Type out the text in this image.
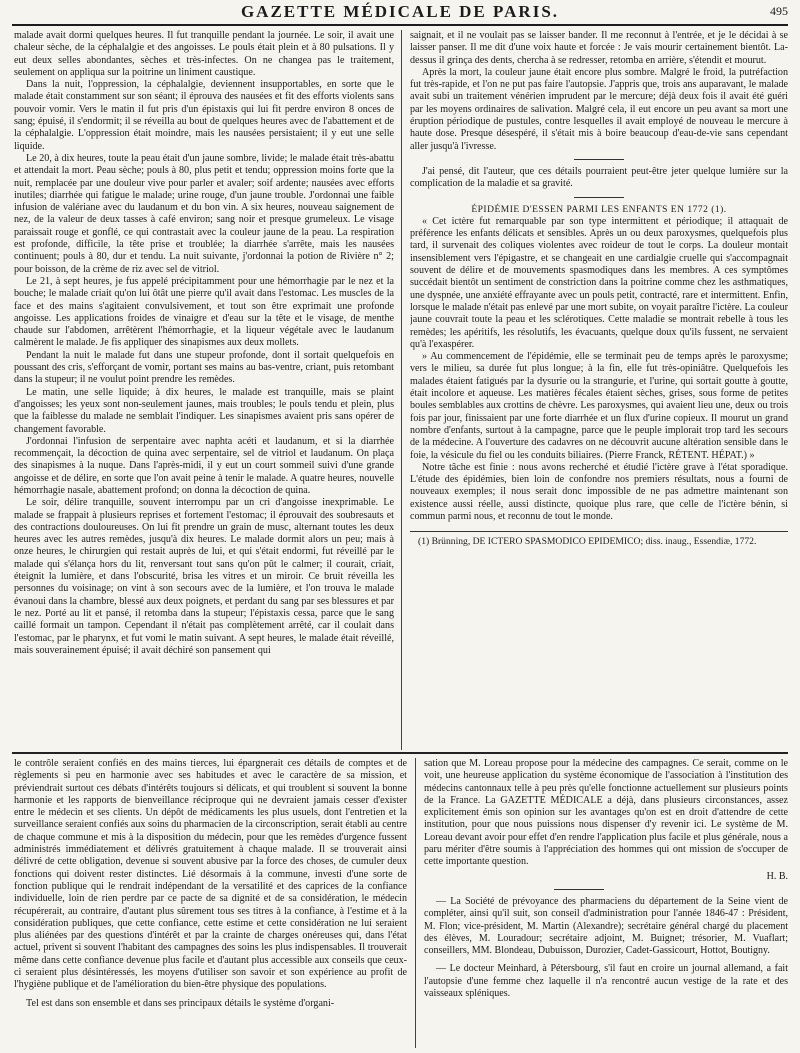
GAZETTE MÉDICALE DE PARIS.	495

malade avait dormi quelques heures. Il fut tranquille pendant la journée. Le soir, il avait une chaleur sèche, de la céphalalgie et des angoisses. Le pouls était plein et à 80 pulsations. Il y eut deux selles abondantes, sèches et très-infectes. On ne changea pas le traitement, seulement on appliqua sur la poitrine un liniment caustique.

Dans la nuit, l'oppression, la céphalalgie, deviennent insupportables, en sorte que le malade était constamment sur son séant; il éprouva des nausées et fit des efforts violents sans pouvoir vomir. Vers le matin il fut pris d'un épistaxis qui lui fit perdre environ 8 onces de sang; épuisé, il s'endormit; il se réveilla au bout de quelques heures avec de l'abattement et de la céphalalgie. L'oppression était moindre, mais les nausées persistaient; il y eut une selle liquide.

Le 20, à dix heures, toute la peau était d'un jaune sombre, livide; le malade était très-abattu et attendait la mort. Peau sèche; pouls à 80, plus petit et tendu; oppression moins forte que la nuit, remplacée par une douleur vive pour parler et avaler; soif ardente; nausées avec efforts inutiles; diarrhée qui fatigue le malade; urine rouge, d'un jaune trouble. J'ordonnai une faible infusion de valériane avec du laudanum et du bon vin. A six heures, nouveau saignement de nez, de la valeur de deux tasses à café environ; sang noir et presque grumeleux. Le visage paraissait rouge et gonflé, ce qui contrastait avec la couleur jaune de la peau. La respiration est profonde, difficile, la tête prise et troublée; la diarrhée s'arrête, mais les nausées continuent; pouls à 80, dur et tendu. La nuit suivante, j'ordonnai la potion de Rivière n° 2; pour boisson, de la crème de riz avec sel de vitriol.

Le 21, à sept heures, je fus appelé précipitamment pour une hémorrhagie par le nez et la bouche; le malade criait qu'on lui ôtât une pierre qu'il avait dans l'estomac. Les muscles de la face et des mains s'agitaient convulsivement, et tout son être exprimait une profonde angoisse. Les applications froides de vinaigre et d'eau sur la tête et le visage, de menthe chaude sur l'abdomen, arrêtèrent l'hémorrhagie, et la liqueur végétale avec le laudanum calmèrent le malade. Je fis appliquer des sinapismes aux deux mollets.

Pendant la nuit le malade fut dans une stupeur profonde, dont il sortait quelquefois en poussant des cris, s'efforçant de vomir, portant ses mains au bas-ventre, criant, puis retombant dans la stupeur; il ne voulut point prendre les remèdes.

Le matin, une selle liquide; à dix heures, le malade est tranquille, mais se plaint d'angoisses; les yeux sont non-seulement jaunes, mais troubles; le pouls tendu et plein, plus que la faiblesse du malade ne semblait l'indiquer. Les sinapismes avaient pris sans opérer de changement favorable.

J'ordonnai l'infusion de serpentaire avec naphta acéti et laudanum, et si la diarrhée recommençait, la décoction de quina avec serpentaire, sel de vitriol et laudanum. On plaça des sinapismes à la nuque. Dans l'après-midi, il y eut un court sommeil suivi d'une grande angoisse et de délire, en sorte que l'on avait peine à tenir le malade. A quatre heures, nouvelle hémorrhagie nasale, abattement profond; on donna la décoction de quina.

Le soir, délire tranquille, souvent interrompu par un cri d'angoisse inexprimable. Le malade se frappait à plusieurs reprises et fortement l'estomac; il éprouvait des soubresauts et des contractions douloureuses. On lui fit prendre un grain de musc, alternant toutes les deux heures avec les autres remèdes, jusqu'à dix heures. Le malade dormit alors un peu; mais à onze heures, le chirurgien qui restait auprès de lui, et qui s'était endormi, fut réveillé par le malade qui s'élança hors du lit, renversant tout sans qu'on pût le calmer; il courait, criait, éteignit la lumière, et dans l'obscurité, brisa les vitres et un miroir. Ce bruit réveilla les personnes du voisinage; on vint à son secours avec de la lumière, et l'on trouva le malade évanoui dans la chambre, blessé aux deux poignets, et perdant du sang par ses blessures et par le nez. Porté au lit et pansé, il retomba dans la stupeur; l'épistaxis cessa, parce que le sang caillé formait un tampon. Cependant il n'était pas complètement arrêté, car il coulait dans l'estomac, par le pharynx, et fut vomi le matin suivant. A sept heures, le malade était réveillé, mais souverainement épuisé; il avait déchiré son pansement qui

saignait, et il ne voulait pas se laisser bander. Il me reconnut à l'entrée, et je le décidai à se laisser panser. Il me dit d'une voix haute et forcée : Je vais mourir certainement bientôt. La-dessus il grinça des dents, chercha à se redresser, retomba en arrière, s'étendit et mourut.

Après la mort, la couleur jaune était encore plus sombre. Malgré le froid, la putréfaction fut très-rapide, et l'on ne put pas faire l'autopsie. J'appris que, trois ans auparavant, le malade avait subi un traitement vénérien imprudent par le mercure; déjà deux fois il avait été guéri par les moyens ordinaires de salivation. Malgré cela, il eut encore un peu avant sa mort une éruption périodique de pustules, contre lesquelles il avait employé de nouveau le mercure à haute dose. Presque désespéré, il s'était mis à boire beaucoup d'eau-de-vie sans cependant aller jusqu'à l'ivresse.

J'ai pensé, dit l'auteur, que ces détails pourraient peut-être jeter quelque lumière sur la complication de la maladie et sa gravité.

ÉPIDÉMIE D'ESSEN PARMI LES ENFANTS EN 1772 (1).

« Cet ictère fut remarquable par son type intermittent et périodique; il attaquait de préférence les enfants délicats et sensibles. Après un ou deux paroxysmes, quelquefois plus tard, il survenait des coliques violentes avec roideur de tout le corps. La douleur montait insensiblement vers l'épigastre, et se changeait en une cardialgie cruelle qui s'accompagnait souvent de délire et de mouvements spasmodiques dans les membres. A ces symptômes succédait bientôt un sentiment de constriction dans la poitrine comme chez les asthmatiques, une dyspnée, une anxiété effrayante avec un pouls petit, contracté, rare et intermittent. Enfin, lorsque le malade n'était pas enlevé par une mort subite, on voyait paraître l'ictère. La couleur jaune couvrait toute la peau et les sclérotiques. Cette maladie se montrait rebelle à tous les remèdes; les apéritifs, les résolutifs, les évacuants, quelque doux qu'ils fussent, ne servaient qu'à l'exaspérer.

» Au commencement de l'épidémie, elle se terminait peu de temps après le paroxysme; vers le milieu, sa durée fut plus longue; à la fin, elle fut très-opiniâtre. Quelquefois les malades étaient fatigués par la dysurie ou la strangurie, et l'urine, qui sortait goutte à goutte, était incolore et aqueuse. Les matières fécales étaient sèches, grises, sous forme de petites boules semblables aux crottins de chèvre. Les paroxysmes, qui avaient lieu une, deux ou trois fois par jour, finissaient par une forte diarrhée et un flux d'urine copieux. Il mourut un grand nombre d'enfants, surtout à la campagne, parce que le peuple implorait trop tard les secours de la médecine. A l'ouverture des cadavres on ne découvrit aucune altération sensible dans le foie, la vésicule du fiel ou les conduits biliaires. (Pierre Franck, RÉTENT. HÉPAT.) »

Notre tâche est finie : nous avons recherché et étudié l'ictère grave à l'état sporadique. L'étude des épidémies, bien loin de confondre nos premiers résultats, nous a fourni de nouveaux exemples; il nous serait donc impossible de ne pas admettre maintenant son existence aussi réelle, aussi distincte, quoique plus rare, que celle de l'ictère bénin, si commun parmi nous, et reconnu de tout le monde.

(1) Brünning, DE ICTERO SPASMODICO EPIDEMICO; diss. inaug., Essendiæ, 1772.

le contrôle seraient confiés en des mains tierces, lui épargnerait ces détails de comptes et de règlements si peu en harmonie avec ses habitudes et avec le caractère de sa mission, et préviendrait surtout ces débats d'intérêts toujours si délicats, et qui troublent si souvent la bonne harmonie et les rapports de bienveillance réciproque qui ne devraient jamais cesser d'exister entre le médecin et ses clients. Un dépôt de médicaments les plus usuels, dont l'entretien et la surveillance seraient confiés aux soins du pharmacien de la circonscription, serait établi au centre de chaque commune et mis à la disposition du médecin, pour que les remèdes d'urgence fussent administrés immédiatement et délivrés gratuitement à chaque malade. Il se trouverait ainsi délivré de cette obligation, devenue si souvent abusive par la force des choses, de cumuler deux fonctions qui doivent rester distinctes. Lié désormais à la commune, investi d'une sorte de fonction publique qui le rendrait indépendant de la versatilité et des caprices de la confiance individuelle, loin de rien perdre par ce pacte de sa dignité et de sa considération, le médecin récupérerait, au contraire, d'autant plus sûrement tous ses titres à la confiance, à l'estime et à la considération publiques, que cette confiance, cette estime et cette considération ne lui seraient plus aliénées par des questions d'intérêt et par la crainte de charges onéreuses qui, dans l'état actuel, privent si souvent l'habitant des campagnes des soins les plus indispensables. Il trouverait même dans cette confiance devenue plus facile et d'autant plus accessible aux conseils que ceux-ci seraient plus désintéressés, les moyens d'utiliser son savoir et son expérience au profit de l'hygiène publique et de l'amélioration du bien-être physique des populations.

Tel est dans son ensemble et dans ses principaux détails le système d'organi-

sation que M. Loreau propose pour la médecine des campagnes. Ce serait, comme on le voit, une heureuse application du système économique de l'association à l'institution des médecins cantonnaux telle à peu près qu'elle fonctionne actuellement sur plusieurs points de la France. La GAZETTE MÉDICALE a déjà, dans plusieurs circonstances, assez explicitement émis son opinion sur les avantages qu'on est en droit d'attendre de cette institution, pour que nous puissions nous dispenser d'y revenir ici. Le système de M. Loreau devant avoir pour effet d'en rendre l'application plus facile et plus générale, nous a paru mériter d'être soumis à l'appréciation des hommes qui ont mission de s'occuper de cette importante question.

H. B.

— La Société de prévoyance des pharmaciens du département de la Seine vient de compléter, ainsi qu'il suit, son conseil d'administration pour l'année 1846-47 : Président, M. Flon; vice-président, M. Martin (Alexandre); secrétaire général chargé du placement des élèves, M. Louradour; secrétaire adjoint, M. Buignet; trésorier, M. Vuaflart; conseillers, MM. Blondeau, Dubuisson, Durozier, Cadet-Gassicourt, Hottot, Boutigny.

— Le docteur Meinhard, à Pétersbourg, s'il faut en croire un journal allemand, a fait l'autopsie d'une femme chez laquelle il n'a rencontré aucun vestige de la rate et des vaisseaux spléniques.
